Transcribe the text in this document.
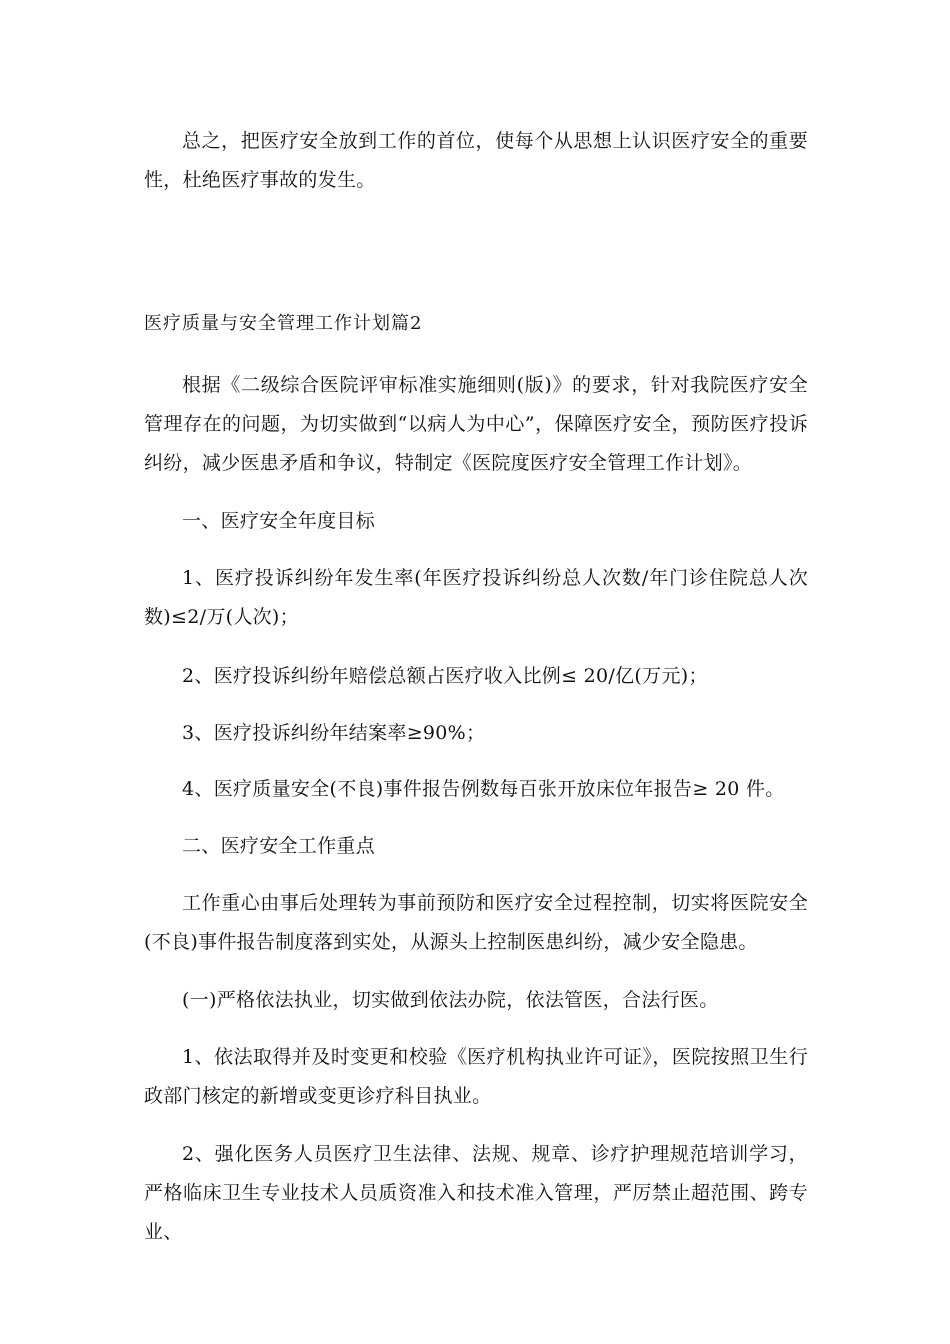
总之，把医疗安全放到工作的首位，使每个从思想上认识医疗安全的重要性，杜绝医疗事故的发生。

医疗质量与安全管理工作计划篇2

根据《二级综合医院评审标准实施细则(版)》的要求，针对我院医疗安全管理存在的问题，为切实做到“以病人为中心”，保障医疗安全，预防医疗投诉纠纷，减少医患矛盾和争议，特制定《医院度医疗安全管理工作计划》。

一、医疗安全年度目标

1、医疗投诉纠纷年发生率(年医疗投诉纠纷总人次数/年门诊住院总人次数)≤2/万(人次)；

2、医疗投诉纠纷年赔偿总额占医疗收入比例≤ 20/亿(万元)；

3、医疗投诉纠纷年结案率≥90%；

4、医疗质量安全(不良)事件报告例数每百张开放床位年报告≥ 20 件。

二、医疗安全工作重点

工作重心由事后处理转为事前预防和医疗安全过程控制，切实将医院安全(不良)事件报告制度落到实处，从源头上控制医患纠纷，减少安全隐患。

(一)严格依法执业，切实做到依法办院，依法管医，合法行医。

1、依法取得并及时变更和校验《医疗机构执业许可证》，医院按照卫生行政部门核定的新增或变更诊疗科目执业。

2、强化医务人员医疗卫生法律、法规、规章、诊疗护理规范培训学习，严格临床卫生专业技术人员质资准入和技术准入管理，严厉禁止超范围、跨专业、
